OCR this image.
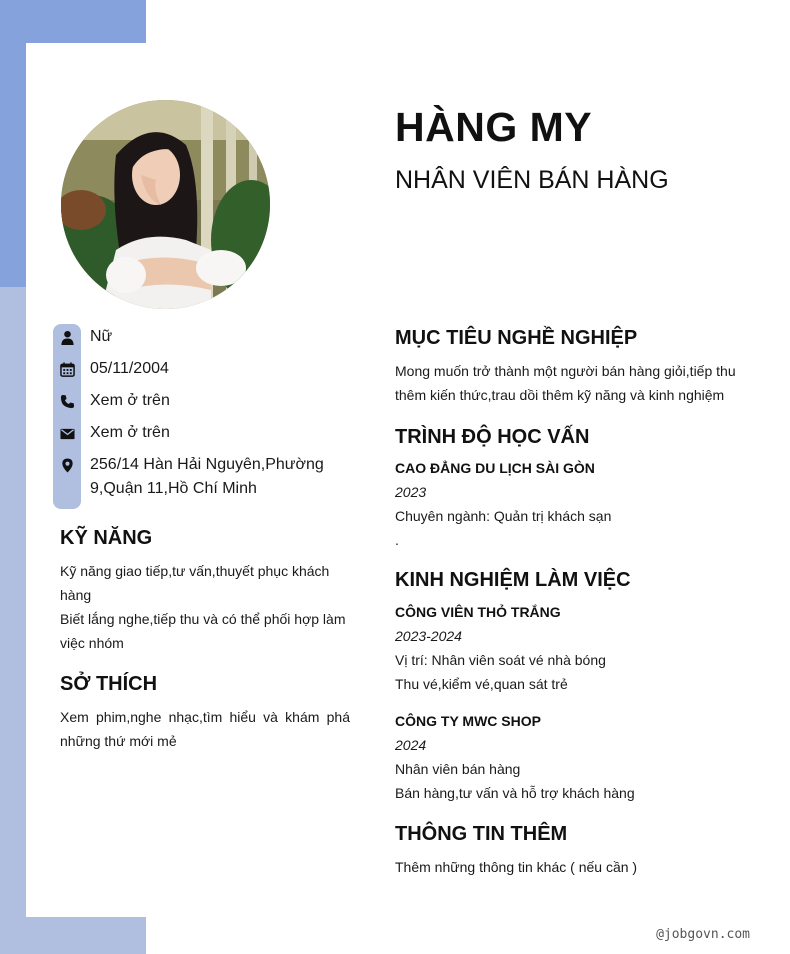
HÀNG MY
NHÂN VIÊN BÁN HÀNG
Nữ
05/11/2004
Xem ở trên
Xem ở trên
256/14 Hàn Hải Nguyên,Phường 9,Quận 11,Hồ Chí Minh
KỸ NĂNG
Kỹ năng giao tiếp,tư vấn,thuyết phục khách hàng
Biết lắng nghe,tiếp thu và có thể phối hợp làm việc nhóm
SỞ THÍCH
Xem phim,nghe nhạc,tìm hiểu và khám phá những thứ mới mẻ
MỤC TIÊU NGHỀ NGHIỆP
Mong muốn trở thành một người bán hàng giỏi,tiếp thu thêm kiến thức,trau dồi thêm kỹ năng và kinh nghiệm
TRÌNH ĐỘ HỌC VẤN
CAO ĐẲNG DU LỊCH SÀI GÒN
2023
Chuyên ngành: Quản trị khách sạn
.
KINH NGHIỆM LÀM VIỆC
CÔNG VIÊN THỎ TRẮNG
2023-2024
Vị trí: Nhân viên soát vé nhà bóng
Thu vé,kiểm vé,quan sát trẻ
CÔNG TY MWC SHOP
2024
Nhân viên bán hàng
Bán hàng,tư vấn và hỗ trợ khách hàng
THÔNG TIN THÊM
Thêm những thông tin khác ( nếu cần )
@jobgovn.com
